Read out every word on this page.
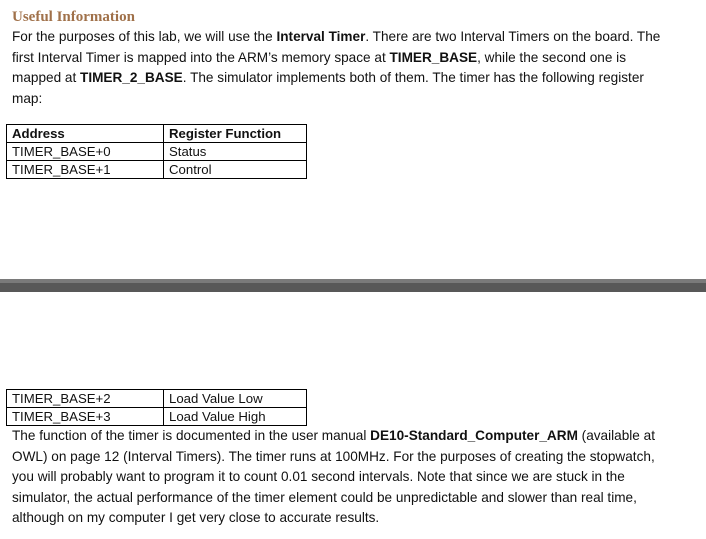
Useful Information

For the purposes of this lab, we will use the Interval Timer. There are two Interval Timers on the board. The first Interval Timer is mapped into the ARM’s memory space at TIMER_BASE, while the second one is mapped at TIMER_2_BASE. The simulator implements both of them. The timer has the following register map:

Address	Register Function
TIMER_BASE+0	Status
TIMER_BASE+1	Control
TIMER_BASE+2	Load Value Low
TIMER_BASE+3	Load Value High

The function of the timer is documented in the user manual DE10-Standard_Computer_ARM (available at OWL) on page 12 (Interval Timers). The timer runs at 100MHz. For the purposes of creating the stopwatch, you will probably want to program it to count 0.01 second intervals. Note that since we are stuck in the simulator, the actual performance of the timer element could be unpredictable and slower than real time, although on my computer I get very close to accurate results.
